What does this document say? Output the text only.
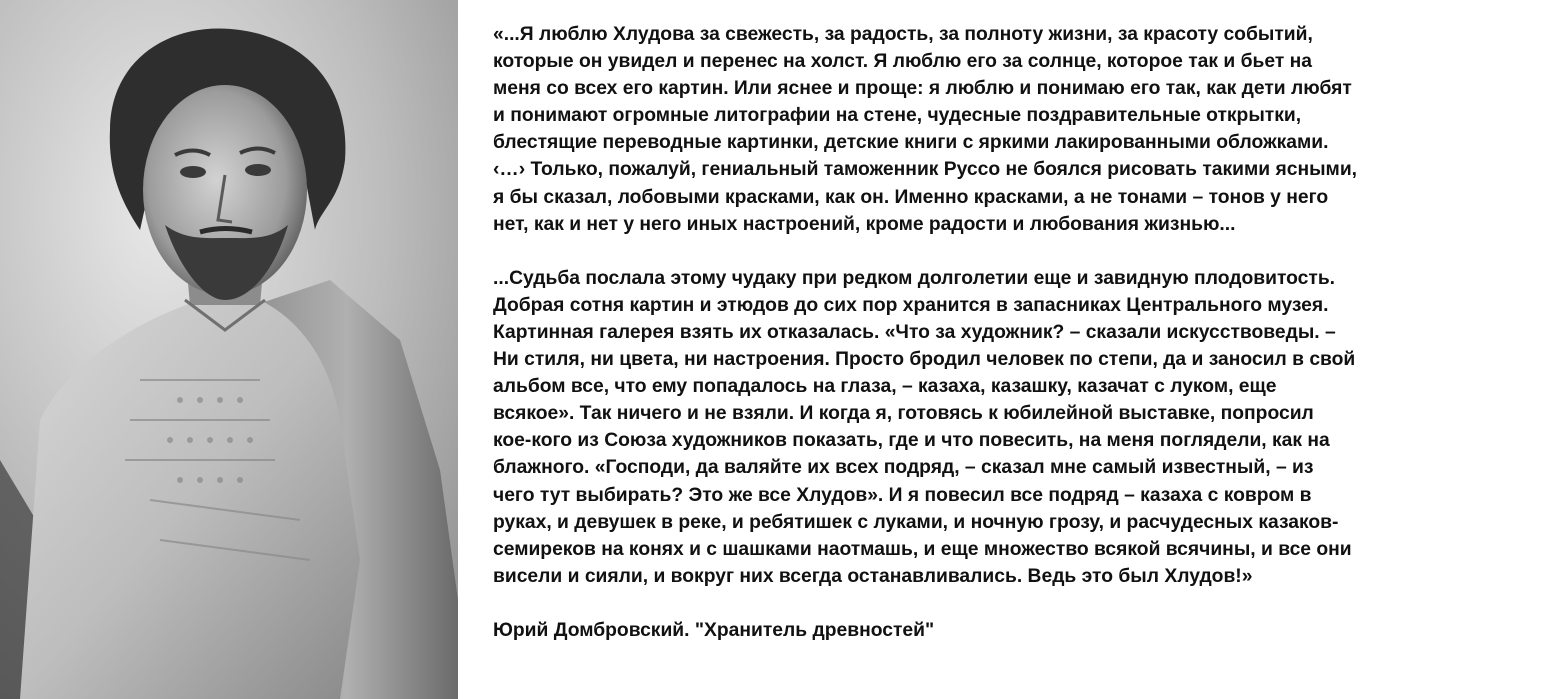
«...Я люблю Хлудова за свежесть, за радость, за полноту жизни, за красоту событий,

которые он увидел и перенес на холст. Я люблю его за солнце, которое так и бьет на

меня со всех его картин. Или яснее и проще: я люблю и понимаю его так, как дети любят

и понимают огромные литографии на стене, чудесные поздравительные открытки,

блестящие переводные картинки, детские книги с яркими лакированными обложками.

‹…› Только, пожалуй, гениальный таможенник Руссо не боялся рисовать такими ясными,

я бы сказал, лобовыми красками, как он. Именно красками, а не тонами – тонов у него

нет, как и нет у него иных настроений, кроме радости и любования жизнью...

...Судьба послала этому чудаку при редком долголетии еще и завидную плодовитость.

Добрая сотня картин и этюдов до сих пор хранится в запасниках Центрального музея.

Картинная галерея взять их отказалась. «Что за художник? – сказали искусствоведы. –

Ни стиля, ни цвета, ни настроения. Просто бродил человек по степи, да и заносил в свой

альбом все, что ему попадалось на глаза, – казаха, казашку, казачат с луком, еще

всякое». Так ничего и не взяли. И когда я, готовясь к юбилейной выставке, попросил

кое-кого из Союза художников показать, где и что повесить, на меня поглядели, как на

блажного. «Господи, да валяйте их всех подряд, – сказал мне самый известный, – из

чего тут выбирать? Это же все Хлудов». И я повесил все подряд – казаха с ковром в

руках, и девушек в реке, и ребятишек с луками, и ночную грозу, и расчудесных казаков-

семиреков на конях и с шашками наотмашь, и еще множество всякой всячины, и все они

висели и сияли, и вокруг них всегда останавливались. Ведь это был Хлудов!»

Юрий Домбровский. "Хранитель древностей"
